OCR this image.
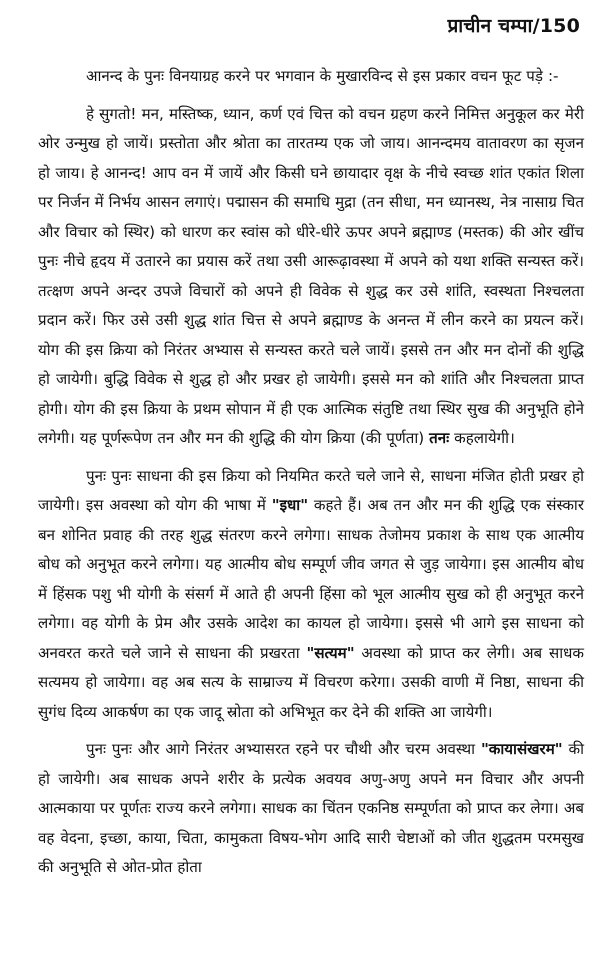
प्राचीन चम्पा/150

आनन्द के पुनः विनयाग्रह करने पर भगवान के मुखारविन्द से इस प्रकार वचन फूट पड़े :-

हे सुगतो! मन, मस्तिष्क, ध्यान, कर्ण एवं चित्त को वचन ग्रहण करने निमित्त अनुकूल कर मेरी ओर उन्मुख हो जायें। प्रस्तोता और श्रोता का तारतम्य एक जो जाय। आनन्दमय वातावरण का सृजन हो जाय। हे आनन्द! आप वन में जायें और किसी घने छायादार वृक्ष के नीचे स्वच्छ शांत एकांत शिला पर निर्जन में निर्भय आसन लगाएं। पद्मासन की समाधि मुद्रा (तन सीधा, मन ध्यानस्थ, नेत्र नासाग्र चित और विचार को स्थिर) को धारण कर स्वांस को धीरे-धीरे ऊपर अपने ब्रह्माण्ड (मस्तक) की ओर खींच पुनः नीचे हृदय में उतारने का प्रयास करें तथा उसी आरूढ़ावस्था में अपने को यथा शक्ति सन्यस्त करें। तत्क्षण अपने अन्दर उपजे विचारों को अपने ही विवेक से शुद्ध कर उसे शांति, स्वस्थता निश्चलता प्रदान करें। फिर उसे उसी शुद्ध शांत चित्त से अपने ब्रह्माण्ड के अनन्त में लीन करने का प्रयत्न करें। योग की इस क्रिया को निरंतर अभ्यास से सन्यस्त करते चले जायें। इससे तन और मन दोनों की शुद्धि हो जायेगी। बुद्धि विवेक से शुद्ध हो और प्रखर हो जायेगी। इससे मन को शांति और निश्चलता प्राप्त होगी। योग की इस क्रिया के प्रथम सोपान में ही एक आत्मिक संतुष्टि तथा स्थिर सुख की अनुभूति होने लगेगी। यह पूर्णरूपेण तन और मन की शुद्धि की योग क्रिया (की पूर्णता) तनः कहलायेगी।

पुनः पुनः साधना की इस क्रिया को नियमित करते चले जाने से, साधना मंजित होती प्रखर हो जायेगी। इस अवस्था को योग की भाषा में "इधा" कहते हैं। अब तन और मन की शुद्धि एक संस्कार बन शोनित प्रवाह की तरह शुद्ध संतरण करने लगेगा। साधक तेजोमय प्रकाश के साथ एक आत्मीय बोध को अनुभूत करने लगेगा। यह आत्मीय बोध सम्पूर्ण जीव जगत से जुड़ जायेगा। इस आत्मीय बोध में हिंसक पशु भी योगी के संसर्ग में आते ही अपनी हिंसा को भूल आत्मीय सुख को ही अनुभूत करने लगेगा। वह योगी के प्रेम और उसके आदेश का कायल हो जायेगा। इससे भी आगे इस साधना को अनवरत करते चले जाने से साधना की प्रखरता "सत्यम" अवस्था को प्राप्त कर लेगी। अब साधक सत्यमय हो जायेगा। वह अब सत्य के साम्राज्य में विचरण करेगा। उसकी वाणी में निष्ठा, साधना की सुगंध दिव्य आकर्षण का एक जादू स्रोता को अभिभूत कर देने की शक्ति आ जायेगी।

पुनः पुनः और आगे निरंतर अभ्यासरत रहने पर चौथी और चरम अवस्था "कायासंखरम" की हो जायेगी। अब साधक अपने शरीर के प्रत्येक अवयव अणु-अणु अपने मन विचार और अपनी आत्मकाया पर पूर्णतः राज्य करने लगेगा। साधक का चिंतन एकनिष्ठ सम्पूर्णता को प्राप्त कर लेगा। अब वह वेदना, इच्छा, काया, चिता, कामुकता विषय-भोग आदि सारी चेष्टाओं को जीत शुद्धतम परमसुख की अनुभूति से ओत-प्रोत होता
